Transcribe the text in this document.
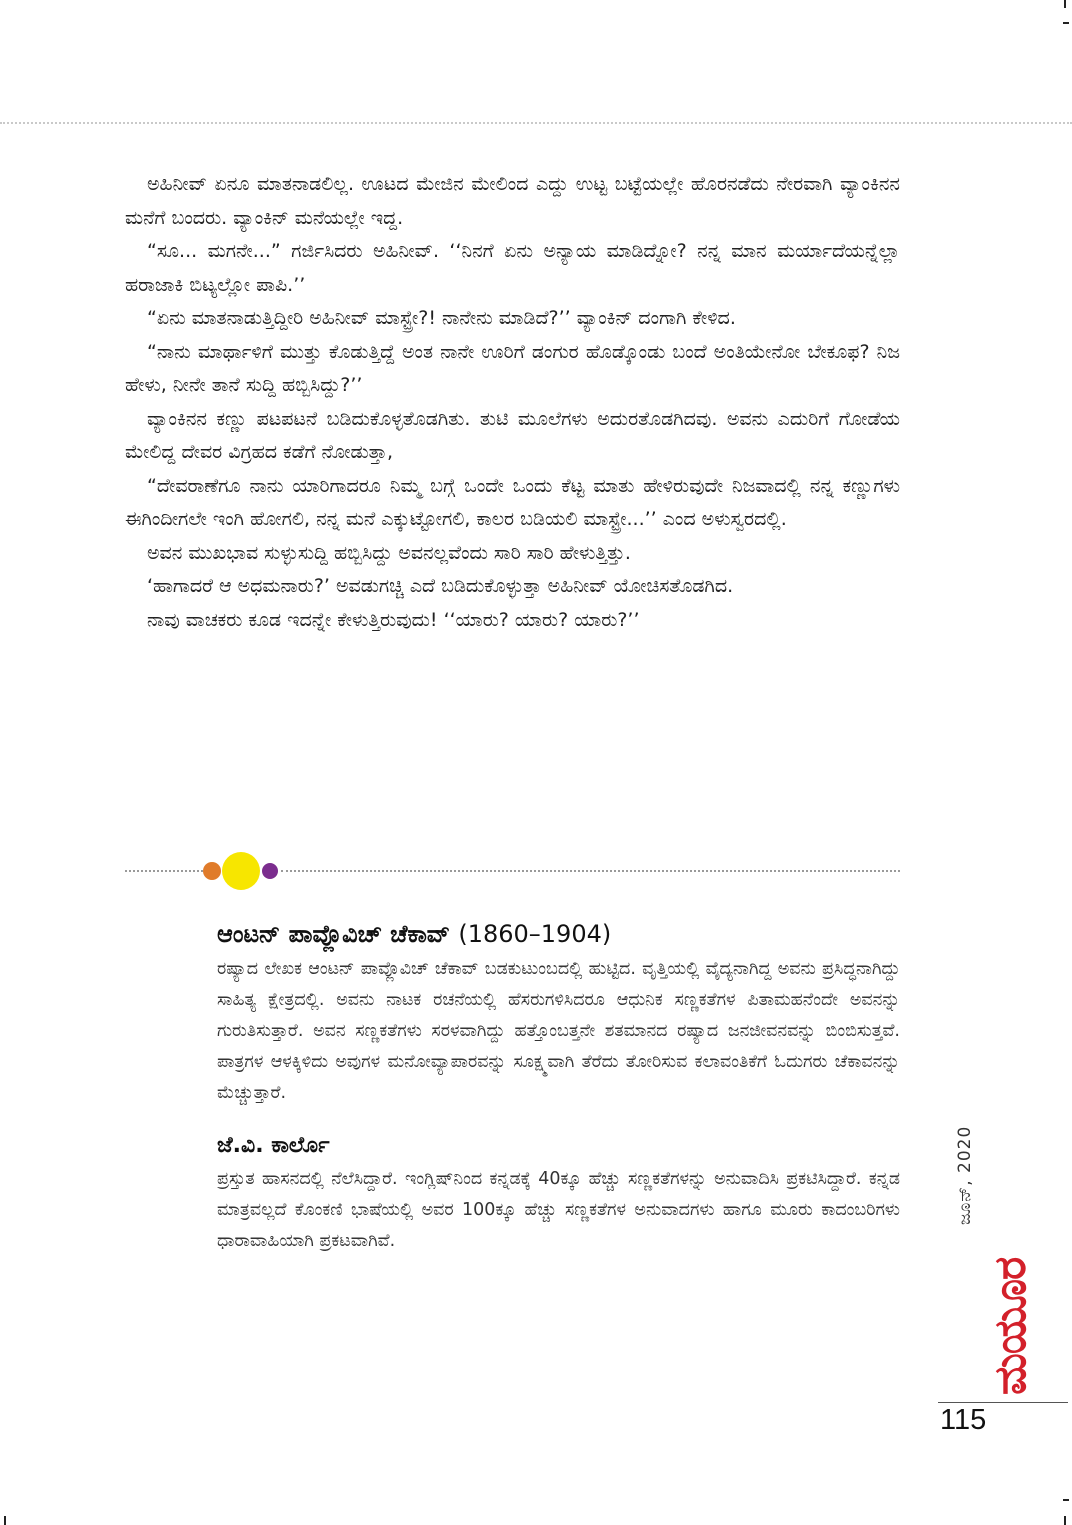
ಅಹಿನೀವ್ ಏನೂ ಮಾತನಾಡಲಿಲ್ಲ. ಊಟದ ಮೇಜಿನ ಮೇಲಿಂದ ಎದ್ದು ಉಟ್ಟ ಬಟ್ಟೆಯಲ್ಲೇ ಹೊರನಡೆದು ನೇರವಾಗಿ ವ್ಯಾಂಕಿನನ ಮನೆಗೆ ಬಂದರು. ವ್ಯಾಂಕಿನ್ ಮನೆಯಲ್ಲೇ ಇದ್ದ.

“ಸೂ... ಮಗನೇ...” ಗರ್ಜಿಸಿದರು ಅಹಿನೀವ್. ‘‘ನಿನಗೆ ಏನು ಅನ್ಯಾಯ ಮಾಡಿದ್ನೋ? ನನ್ನ ಮಾನ ಮರ್ಯಾದೆಯನ್ನೆಲ್ಲಾ ಹರಾಜಾಕಿ ಬಿಟ್ಯಲ್ಲೋ ಪಾಪಿ.’’

“ಏನು ಮಾತನಾಡುತ್ತಿದ್ದೀರಿ ಅಹಿನೀವ್ ಮಾಸ್ಟ್ರೇ?! ನಾನೇನು ಮಾಡಿದೆ?’’ ವ್ಯಾಂಕಿನ್ ದಂಗಾಗಿ ಕೇಳಿದ.

“ನಾನು ಮಾರ್ಥಾಳಿಗೆ ಮುತ್ತು ಕೊಡುತ್ತಿದ್ದೆ ಅಂತ ನಾನೇ ಊರಿಗೆ ಡಂಗುರ ಹೊಡ್ಕೊಂಡು ಬಂದೆ ಅಂತಿಯೇನೋ ಬೇಕೂಫ? ನಿಜ ಹೇಳು, ನೀನೇ ತಾನೆ ಸುದ್ದಿ ಹಬ್ಬಿಸಿದ್ದು?’’

ವ್ಯಾಂಕಿನನ ಕಣ್ಣು ಪಟಪಟನೆ ಬಡಿದುಕೊಳ್ಳತೊಡಗಿತು. ತುಟಿ ಮೂಲೆಗಳು ಅದುರತೊಡಗಿದವು. ಅವನು ಎದುರಿಗೆ ಗೋಡೆಯ ಮೇಲಿದ್ದ ದೇವರ ವಿಗ್ರಹದ ಕಡೆಗೆ ನೋಡುತ್ತಾ,

“ದೇವರಾಣೆಗೂ ನಾನು ಯಾರಿಗಾದರೂ ನಿಮ್ಮ ಬಗ್ಗೆ ಒಂದೇ ಒಂದು ಕೆಟ್ಟ ಮಾತು ಹೇಳಿರುವುದೇ ನಿಜವಾದಲ್ಲಿ ನನ್ನ ಕಣ್ಣುಗಳು ಈಗಿಂದೀಗಲೇ ಇಂಗಿ ಹೋಗಲಿ, ನನ್ನ ಮನೆ ಎಕ್ಕುಟ್ಟೋಗಲಿ, ಕಾಲರ ಬಡಿಯಲಿ ಮಾಸ್ಟ್ರೇ...’’ ಎಂದ ಅಳುಸ್ವರದಲ್ಲಿ.

ಅವನ ಮುಖಭಾವ ಸುಳ್ಳುಸುದ್ದಿ ಹಬ್ಬಿಸಿದ್ದು ಅವನಲ್ಲವೆಂದು ಸಾರಿ ಸಾರಿ ಹೇಳುತ್ತಿತ್ತು.

‘ಹಾಗಾದರೆ ಆ ಅಧಮನಾರು?’ ಅವಡುಗಚ್ಚಿ ಎದೆ ಬಡಿದುಕೊಳ್ಳುತ್ತಾ ಅಹಿನೀವ್ ಯೋಚಿಸತೊಡಗಿದ.

ನಾವು ವಾಚಕರು ಕೂಡ ಇದನ್ನೇ ಕೇಳುತ್ತಿರುವುದು! ‘‘ಯಾರು? ಯಾರು? ಯಾರು?’’

ಆಂಟನ್ ಪಾವ್ಲೊವಿಚ್ ಚೆಕಾವ್ (1860–1904)

ರಷ್ಯಾದ ಲೇಖಕ ಆಂಟನ್ ಪಾವ್ಲೊವಿಚ್ ಚೆಕಾವ್ ಬಡಕುಟುಂಬದಲ್ಲಿ ಹುಟ್ಟಿದ. ವೃತ್ತಿಯಲ್ಲಿ ವೈದ್ಯನಾಗಿದ್ದ ಅವನು ಪ್ರಸಿದ್ಧನಾಗಿದ್ದು ಸಾಹಿತ್ಯ ಕ್ಷೇತ್ರದಲ್ಲಿ. ಅವನು ನಾಟಕ ರಚನೆಯಲ್ಲಿ ಹೆಸರುಗಳಿಸಿದರೂ ಆಧುನಿಕ ಸಣ್ಣಕತೆಗಳ ಪಿತಾಮಹನೆಂದೇ ಅವನನ್ನು ಗುರುತಿಸುತ್ತಾರೆ. ಅವನ ಸಣ್ಣಕತೆಗಳು ಸರಳವಾಗಿದ್ದು ಹತ್ತೊಂಬತ್ತನೇ ಶತಮಾನದ ರಷ್ಯಾದ ಜನಜೀವನವನ್ನು ಬಿಂಬಿಸುತ್ತವೆ. ಪಾತ್ರಗಳ ಆಳಕ್ಕಿಳಿದು ಅವುಗಳ ಮನೋವ್ಯಾಪಾರವನ್ನು ಸೂಕ್ಷ್ಮವಾಗಿ ತೆರೆದು ತೋರಿಸುವ ಕಲಾವಂತಿಕೆಗೆ ಓದುಗರು ಚೆಕಾವನನ್ನು ಮೆಚ್ಚುತ್ತಾರೆ.

ಜೆ.ವಿ. ಕಾರ್ಲೊ

ಪ್ರಸ್ತುತ ಹಾಸನದಲ್ಲಿ ನೆಲೆಸಿದ್ದಾರೆ. ಇಂಗ್ಲಿಷ್‌ನಿಂದ ಕನ್ನಡಕ್ಕೆ 40ಕ್ಕೂ ಹೆಚ್ಚು ಸಣ್ಣಕತೆಗಳನ್ನು ಅನುವಾದಿಸಿ ಪ್ರಕಟಿಸಿದ್ದಾರೆ. ಕನ್ನಡ ಮಾತ್ರವಲ್ಲದೆ ಕೊಂಕಣಿ ಭಾಷೆಯಲ್ಲಿ ಅವರ 100ಕ್ಕೂ ಹೆಚ್ಚು ಸಣ್ಣಕತೆಗಳ ಅನುವಾದಗಳು ಹಾಗೂ ಮೂರು ಕಾದಂಬರಿಗಳು ಧಾರಾವಾಹಿಯಾಗಿ ಪ್ರಕಟವಾಗಿವೆ.

ಜೂನ್, 2020
ಮಯೂರ
115
